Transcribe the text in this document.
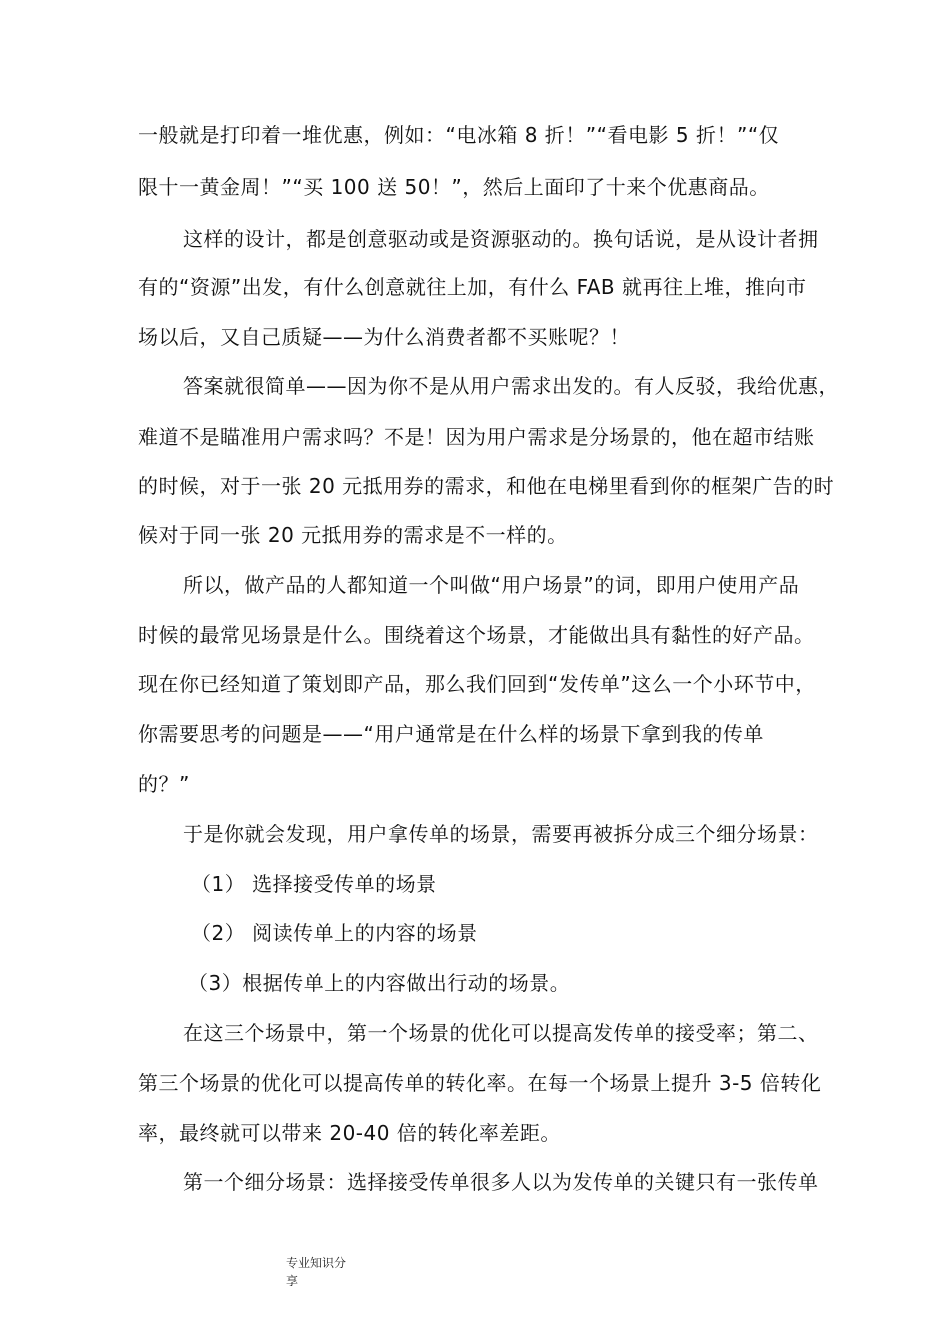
一般就是打印着一堆优惠，例如：“电冰箱 8 折！”“看电影 5 折！”“仅
限十一黄金周！”“买 100 送 50！”，然后上面印了十来个优惠商品。
这样的设计，都是创意驱动或是资源驱动的。换句话说，是从设计者拥
有的“资源”出发，有什么创意就往上加，有什么 FAB 就再往上堆，推向市
场以后，又自己质疑——为什么消费者都不买账呢？！
答案就很简单——因为你不是从用户需求出发的。有人反驳，我给优惠，
难道不是瞄准用户需求吗？不是！因为用户需求是分场景的，他在超市结账
的时候，对于一张 20 元抵用券的需求，和他在电梯里看到你的框架广告的时
候对于同一张 20 元抵用券的需求是不一样的。
所以，做产品的人都知道一个叫做“用户场景”的词，即用户使用产品
时候的最常见场景是什么。围绕着这个场景，才能做出具有黏性的好产品。
现在你已经知道了策划即产品，那么我们回到“发传单”这么一个小环节中，
你需要思考的问题是——“用户通常是在什么样的场景下拿到我的传单
的？”
于是你就会发现，用户拿传单的场景，需要再被拆分成三个细分场景：
（1） 选择接受传单的场景
（2） 阅读传单上的内容的场景
（3）根据传单上的内容做出行动的场景。
在这三个场景中，第一个场景的优化可以提高发传单的接受率；第二、
第三个场景的优化可以提高传单的转化率。在每一个场景上提升 3-5 倍转化
率，最终就可以带来 20-40 倍的转化率差距。
第一个细分场景：选择接受传单很多人以为发传单的关键只有一张传单
专业知识分
享
